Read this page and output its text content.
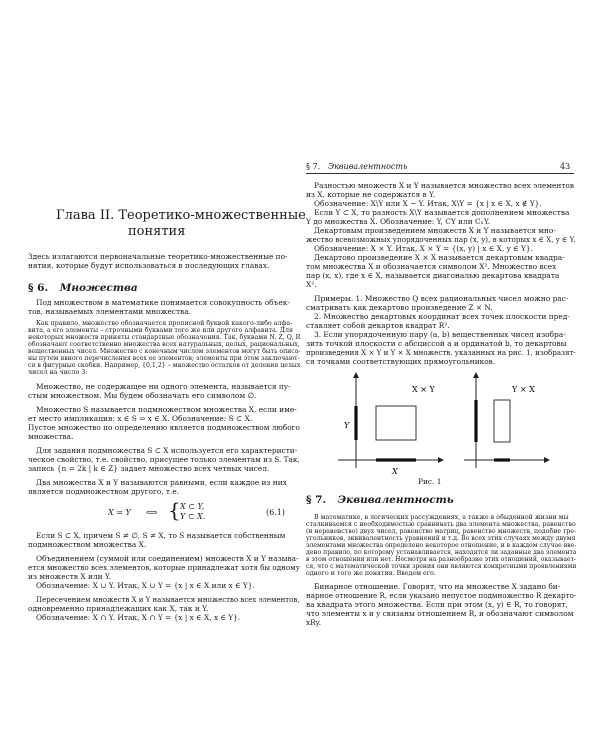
Глава II. Теоретико-множественные
понятия
Здесь излагаются первоначальные теоретико-множественные по-
нятия, которые будут использоваться в последующих главах.
§ 6. Множества
Под множеством в математике понимается совокупность объек-
тов, называемых элементами множества.
Как правило, множество обозначается прописной буквой какого-либо алфа-
вита, а его элементы – строчными буквами того же или другого алфавита. Для
некоторых множеств приняты стандартные обозначения. Так, буквами N, Z, Q, R
обозначают соответственно множества всех натуральных, целых, рациональных,
вещественных чисел. Множество с конечным числом элементов могут быть описа-
ны путем явного перечисления всех ее элементов; элементы при этом заключают-
ся в фигурные скобки. Например, {0,1,2} – множество остатков от деления целых
чисел на число 3.
Множество, не содержащее ни одного элемента, называется пу-
стым множеством. Мы будем обозначать его символом ∅.
Множество S называется подмножеством множества X, если име-
ет место импликация: x ∈ S ⇒ x ∈ X. Обозначение: S ⊂ X.
Пустое множество по определению является подмножеством любого
множества.
Для задания подмножества S ⊂ X используется его характеристи-
ческое свойство, т.е. свойство, присущее только элементам из S. Так,
запись {n = 2k | k ∈ Z} задает множество всех четных чисел.
Два множества X и Y называются равными, если каждое из них
является подмножеством другого, т.е.
X = Y ⟺ { X ⊂ Y,
Y ⊂ X.	(6.1)
Если S ⊂ X, причем S ≠ ∅, S ≠ X, то S называется собственным
подмножеством множества X.
Объединением (суммой или соединением) множеств X и Y называ-
ется множество всех элементов, которые принадлежат хотя бы одному
из множеств X или Y.
Обозначение: X ∪ Y. Итак, X ∪ Y = {x | x ∈ X или x ∈ Y}.
Пересечением множеств X и Y называется множество всех элементов,
одновременно принадлежащих как X, так и Y.
Обозначение: X ∩ Y. Итак, X ∩ Y = {x | x ∈ X, x ∈ Y}.
§ 7. Эквивалентность	43
Разностью множеств X и Y называется множество всех элементов
из X, которые не содержатся в Y.
Обозначение: X\Y или X − Y. Итак, X\Y = {x | x ∈ X, x ∉ Y}.
Если Y ⊂ X, то разность X\Y называется дополнением множества
Y до множества X. Обозначение: Y, CY или CₓY.
Декартовым произведением множеств X и Y называется мно-
жество всевозможных упорядоченных пар (x, y), в которых x ∈ X, y ∈ Y.
Обозначение: X × Y. Итак, X × Y = {(x, y) | x ∈ X, y ∈ Y}.
Декартово произведение X × X называется декартовым квадра-
том множества X и обозначается символом X². Множество всех
пар (x, x), где x ∈ X, называется диагональю декартова квадрата
X².
Примеры. 1. Множество Q всех рациональных чисел можно рас-
сматривать как декартово произведение Z × N.
2. Множество декартовых координат всех точек плоскости пред-
ставляет собой декартов квадрат R².
3. Если упорядоченную пару (a, b) вещественных чисел изобра-
зить точкой плоскости с абсциссой a и ординатой b, то декартовы
произведения X × Y и Y × X множеств, указанных на рис. 1, изобразят-
ся точками соответствующих прямоугольников.
X × Y
Y
X
Y × X
Рис. 1
§ 7. Эквивалентность
В математике, в логических рассуждениях, а также в обыденной жизни мы
сталкиваемся с необходимостью сравнивать два элемента множества, равенство
(и неравенство) двух чисел, равенство матриц, равенство множеств, подобие тре-
угольников, эквивалентность уравнений и т.д. Во всех этих случаях между двумя
элементами множества определено некоторое отношение, и в каждом случае вве-
дено правило, по которому устанавливается, находятся ли заданные два элемента
в этом отношении или нет. Несмотря на разнообразие этих отношений, оказывает-
ся, что с математической точки зрения они являются конкретными проявлениями
одного и того же понятия. Введем его.
Бинарное отношение. Говорят, что на множестве X задано би-
нарное отношение R, если указано непустое подмножество R декарто-
ва квадрата этого множества. Если при этом (x, y) ∈ R, то говорят,
что элементы x и y связаны отношением R, и обозначают символом
xRy.
